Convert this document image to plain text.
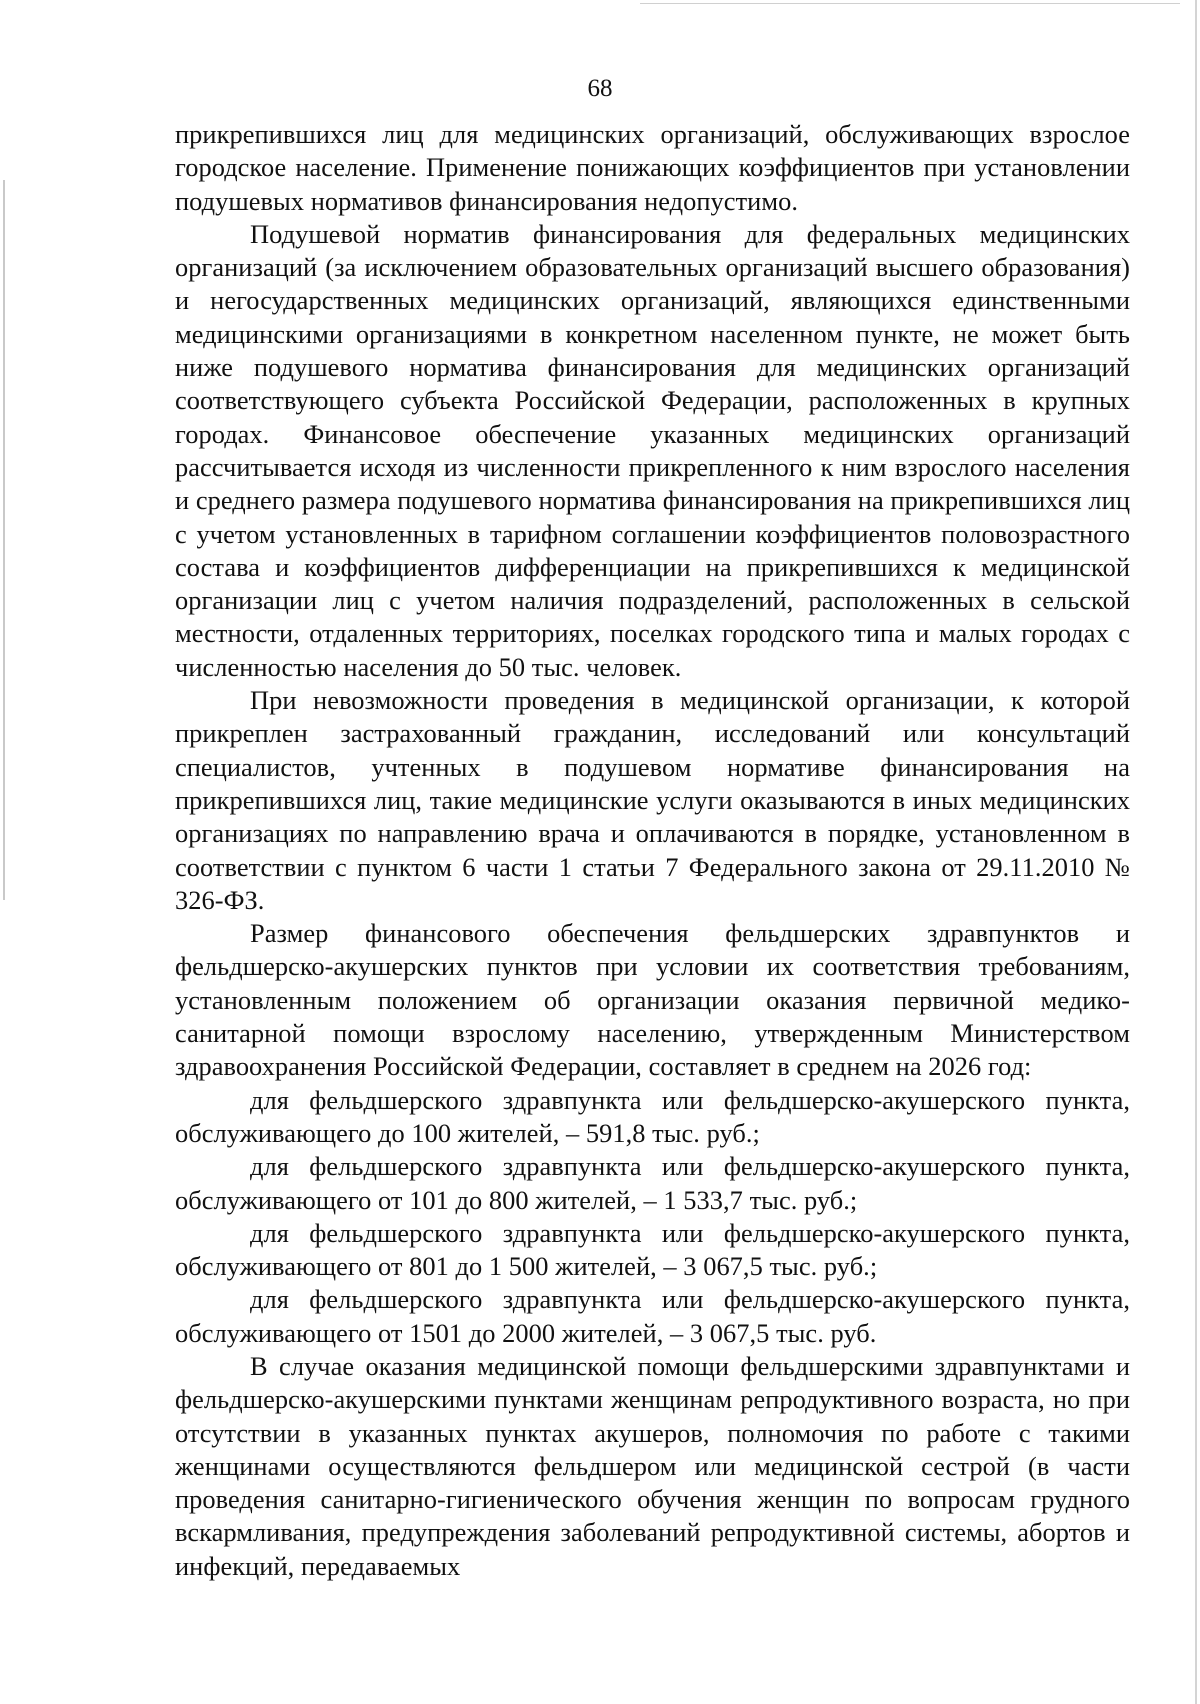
68

прикрепившихся лиц для медицинских организаций, обслуживающих взрослое городское население. Применение понижающих коэффициентов при установлении подушевых нормативов финансирования недопустимо.

Подушевой норматив финансирования для федеральных медицинских организаций (за исключением образовательных организаций высшего образования) и негосударственных медицинских организаций, являющихся единственными медицинскими организациями в конкретном населенном пункте, не может быть ниже подушевого норматива финансирования для медицинских организаций соответствующего субъекта Российской Федерации, расположенных в крупных городах. Финансовое обеспечение указанных медицинских организаций рассчитывается исходя из численности прикрепленного к ним взрослого населения и среднего размера подушевого норматива финансирования на прикрепившихся лиц с учетом установленных в тарифном соглашении коэффициентов половозрастного состава и коэффициентов дифференциации на прикрепившихся к медицинской организации лиц с учетом наличия подразделений, расположенных в сельской местности, отдаленных территориях, поселках городского типа и малых городах с численностью населения до 50 тыс. человек.

При невозможности проведения в медицинской организации, к которой прикреплен застрахованный гражданин, исследований или консультаций специалистов, учтенных в подушевом нормативе финансирования на прикрепившихся лиц, такие медицинские услуги оказываются в иных медицинских организациях по направлению врача и оплачиваются в порядке, установленном в соответствии с пунктом 6 части 1 статьи 7 Федерального закона от 29.11.2010 № 326-ФЗ.

Размер финансового обеспечения фельдшерских здравпунктов и фельдшерско-акушерских пунктов при условии их соответствия требованиям, установленным положением об организации оказания первичной медико-санитарной помощи взрослому населению, утвержденным Министерством здравоохранения Российской Федерации, составляет в среднем на 2026 год:

для фельдшерского здравпункта или фельдшерско-акушерского пункта, обслуживающего до 100 жителей, – 591,8 тыс. руб.;

для фельдшерского здравпункта или фельдшерско-акушерского пункта, обслуживающего от 101 до 800 жителей, – 1 533,7 тыс. руб.;

для фельдшерского здравпункта или фельдшерско-акушерского пункта, обслуживающего от 801 до 1 500 жителей, – 3 067,5 тыс. руб.;

для фельдшерского здравпункта или фельдшерско-акушерского пункта, обслуживающего от 1501 до 2000 жителей, – 3 067,5 тыс. руб.

В случае оказания медицинской помощи фельдшерскими здравпунктами и фельдшерско-акушерскими пунктами женщинам репродуктивного возраста, но при отсутствии в указанных пунктах акушеров, полномочия по работе с такими женщинами осуществляются фельдшером или медицинской сестрой (в части проведения санитарно-гигиенического обучения женщин по вопросам грудного вскармливания, предупреждения заболеваний репродуктивной системы, абортов и инфекций, передаваемых
